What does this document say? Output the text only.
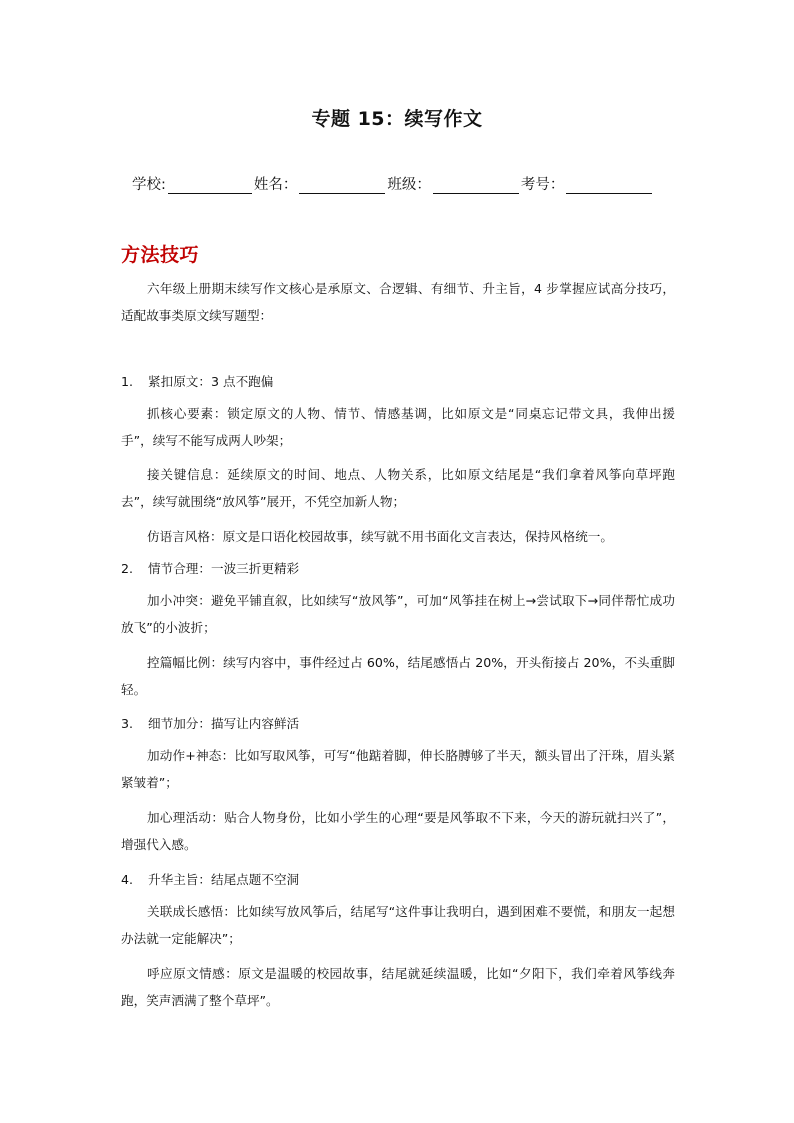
专题 15：续写作文
学校:	姓名：	班级：	考号：
方法技巧

六年级上册期末续写作文核心是承原文、合逻辑、有细节、升主旨，4 步掌握应试高分技巧，适配故事类原文续写题型：

1. 紧扣原文：3 点不跑偏

抓核心要素：锁定原文的人物、情节、情感基调，比如原文是“同桌忘记带文具，我伸出援手”，续写不能写成两人吵架；

接关键信息：延续原文的时间、地点、人物关系，比如原文结尾是“我们拿着风筝向草坪跑去”，续写就围绕“放风筝”展开，不凭空加新人物；

仿语言风格：原文是口语化校园故事，续写就不用书面化文言表达，保持风格统一。

2. 情节合理：一波三折更精彩

加小冲突：避免平铺直叙，比如续写“放风筝”，可加“风筝挂在树上→尝试取下→同伴帮忙成功放飞”的小波折；

控篇幅比例：续写内容中，事件经过占 60%，结尾感悟占 20%，开头衔接占 20%，不头重脚轻。

3. 细节加分：描写让内容鲜活

加动作+神态：比如写取风筝，可写“他踮着脚，伸长胳膊够了半天，额头冒出了汗珠，眉头紧紧皱着”；

加心理活动：贴合人物身份，比如小学生的心理“要是风筝取不下来，今天的游玩就扫兴了”，增强代入感。

4. 升华主旨：结尾点题不空洞

关联成长感悟：比如续写放风筝后，结尾写“这件事让我明白，遇到困难不要慌，和朋友一起想办法就一定能解决”；

呼应原文情感：原文是温暖的校园故事，结尾就延续温暖，比如“夕阳下，我们牵着风筝线奔跑，笑声洒满了整个草坪”。
